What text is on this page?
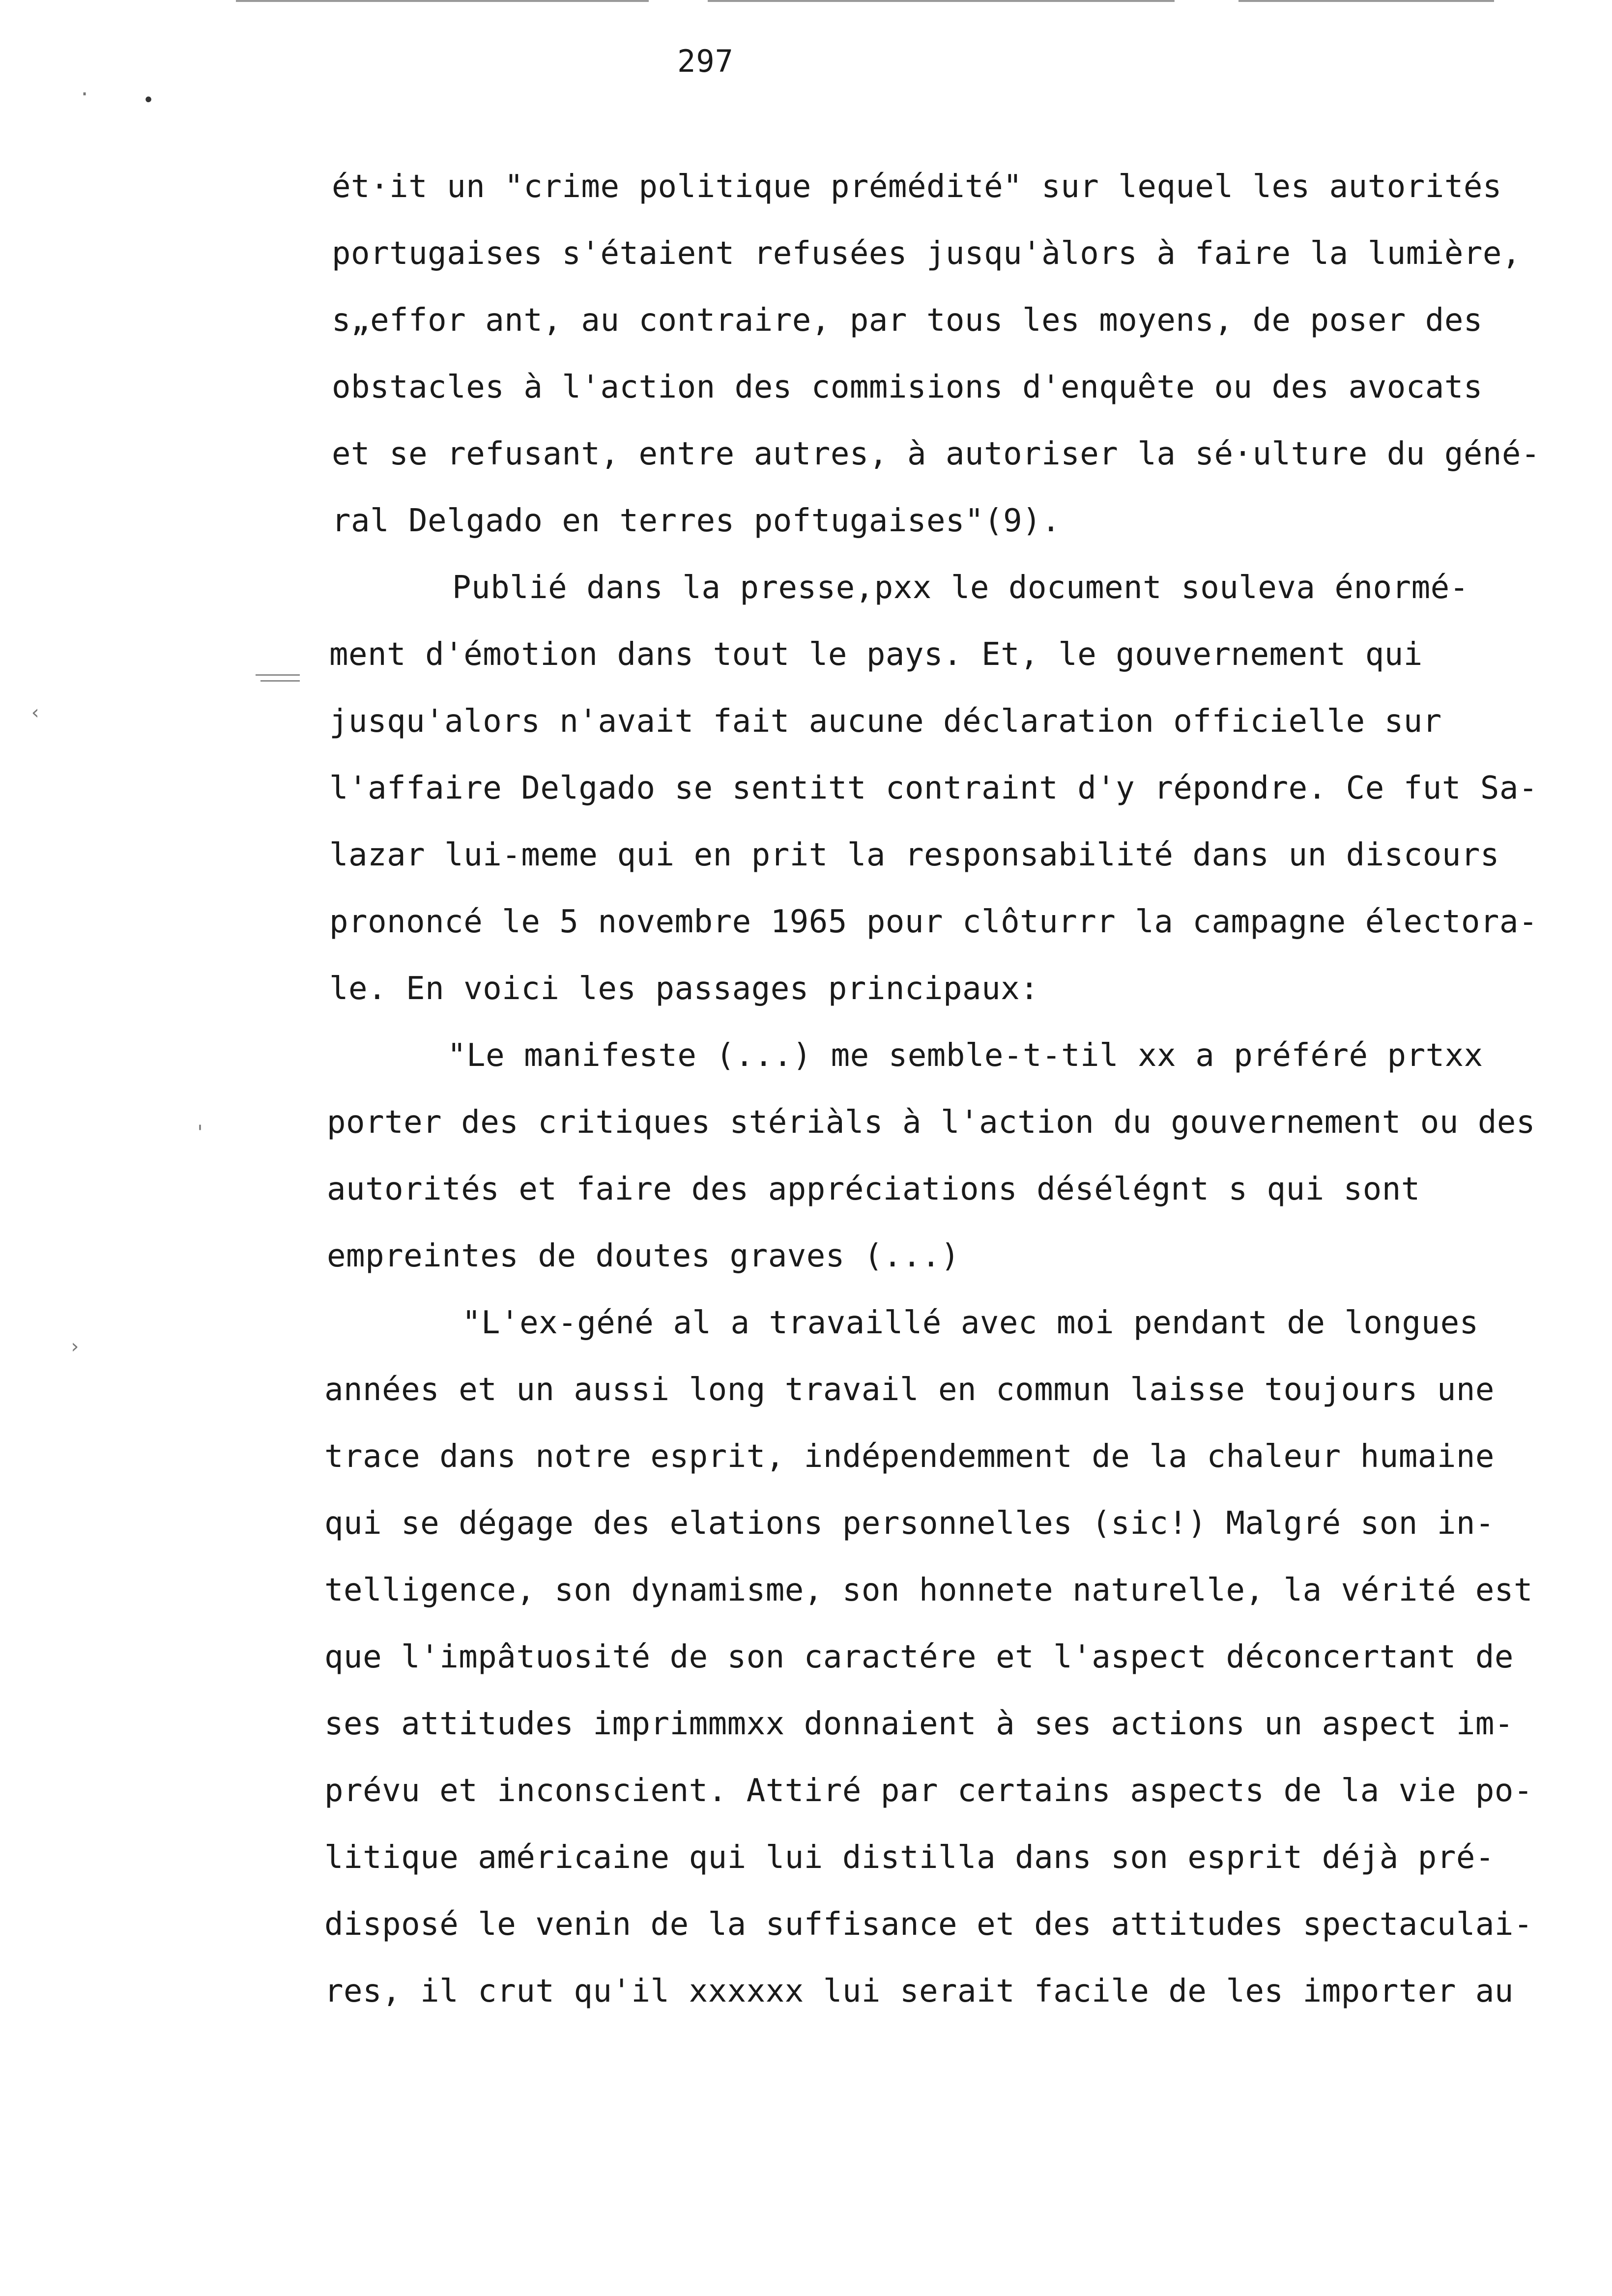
297
·	•
‹
'
›
ét·it un "crime politique prémédité" sur lequel les autorités
portugaises s'étaient refusées jusqu'àlors à faire la lumière,
s„effor ant, au contraire, par tous les moyens, de poser des
obstacles à l'action des commisions d'enquête ou des avocats
et se refusant, entre autres, à autoriser la sé·ulture du géné-
ral Delgado en terres poftugaises"(9).
Publié dans la presse,pxx le document souleva énormé-
ment d'émotion dans tout le pays. Et, le gouvernement qui
jusqu'alors n'avait fait aucune déclaration officielle sur
l'affaire Delgado se sentitt contraint d'y répondre. Ce fut Sa-
lazar lui-meme qui en prit la responsabilité dans un discours
prononcé le 5 novembre 1965 pour clôturrr la campagne électora-
le. En voici les passages principaux:
"Le manifeste (...) me semble-t-til xx a préféré prtxx
porter des critiques stériàls à l'action du gouvernement ou des
autorités et faire des appréciations désélégnt s qui sont
empreintes de doutes graves (...)
"L'ex-géné al a travaillé avec moi pendant de longues
années et un aussi long travail en commun laisse toujours une
trace dans notre esprit, indépendemment de la chaleur humaine
qui se dégage des elations personnelles (sic!) Malgré son in-
telligence, son dynamisme, son honnete naturelle, la vérité est
que l'impâtuosité de son caractére et l'aspect déconcertant de
ses attitudes imprimmmxx donnaient à ses actions un aspect im-
prévu et inconscient. Attiré par certains aspects de la vie po-
litique américaine qui lui distilla dans son esprit déjà pré-
disposé le venin de la suffisance et des attitudes spectaculai-
res, il crut qu'il xxxxxx lui serait facile de les importer au
